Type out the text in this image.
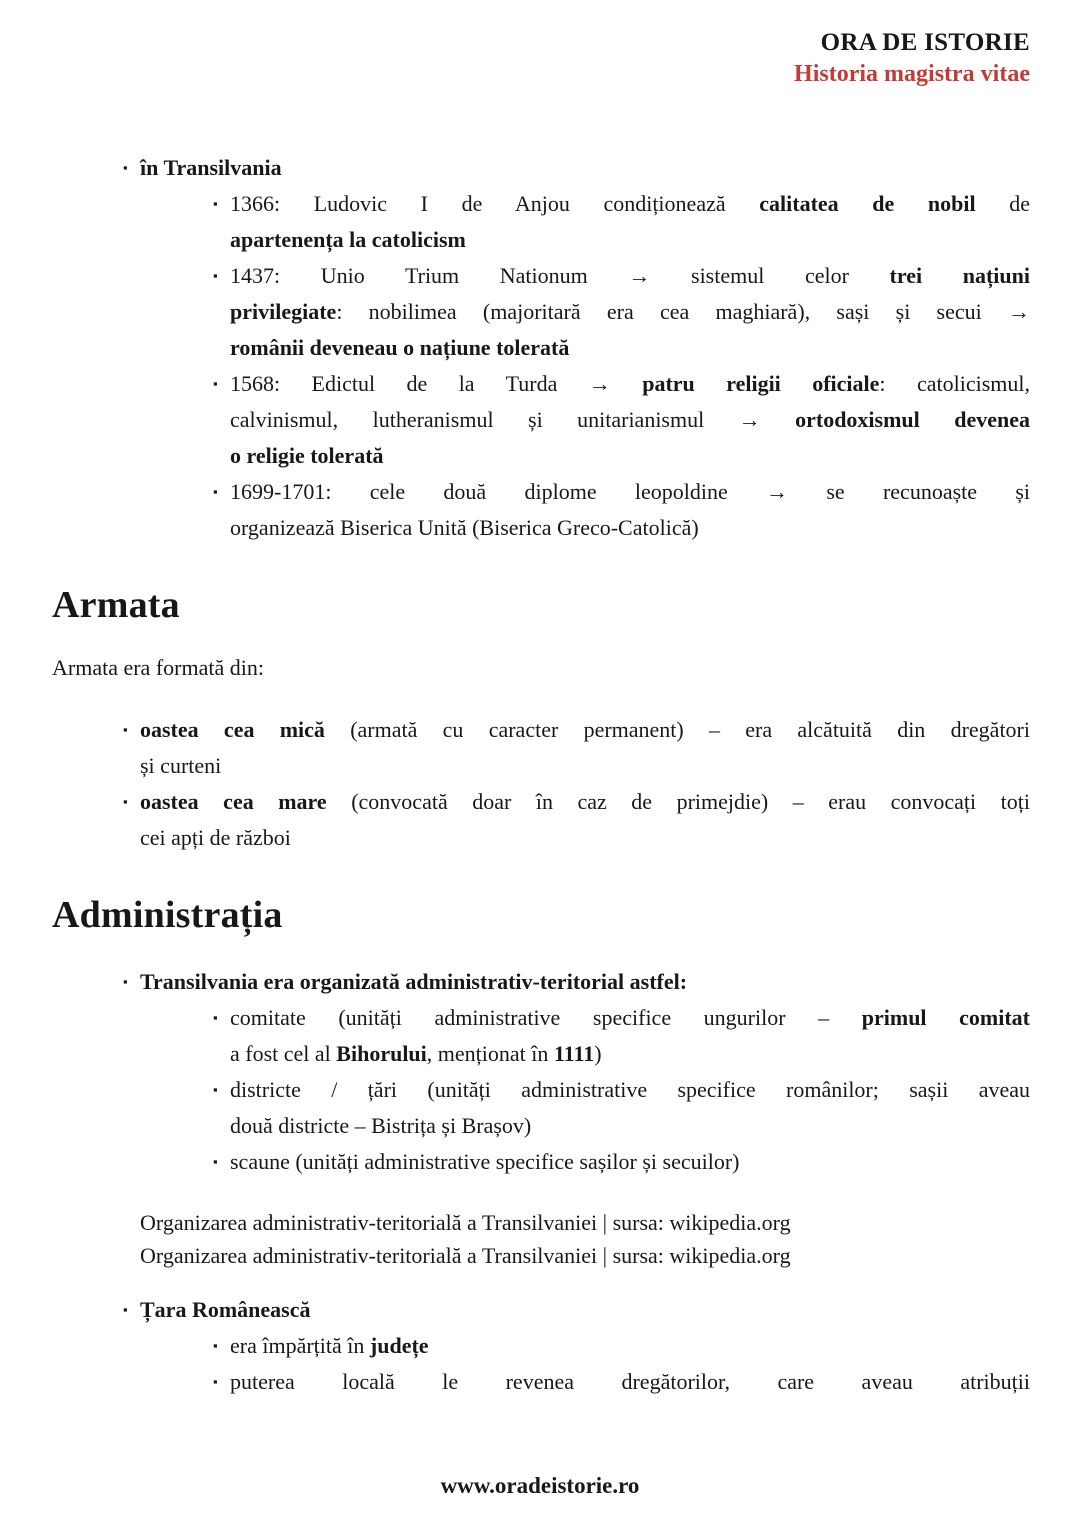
ORA DE ISTORIE
Historia magistra vitae
▪ în Transilvania
▪ 1366: Ludovic I de Anjou condiționează calitatea de nobil de
apartenența la catolicism
▪ 1437: Unio Trium Nationum → sistemul celor trei națiuni
privilegiate: nobilimea (majoritară era cea maghiară), sași și secui →
românii deveneau o națiune tolerată
▪ 1568: Edictul de la Turda → patru religii oficiale: catolicismul,
calvinismul, lutheranismul și unitarianismul → ortodoxismul devenea
o religie tolerată
▪ 1699-1701: cele două diplome leopoldine → se recunoaște și
organizează Biserica Unită (Biserica Greco-Catolică)
Armata

Armata era formată din:

▪ oastea cea mică (armată cu caracter permanent) – era alcătuită din dregători
și curteni
▪ oastea cea mare (convocată doar în caz de primejdie) – erau convocați toți
cei apți de război
Administrația
▪ Transilvania era organizată administrativ-teritorial astfel:
▪ comitate (unități administrative specifice ungurilor – primul comitat
a fost cel al Bihorului, menționat în 1111)
▪ districte / țări (unități administrative specifice românilor; sașii aveau
două districte – Bistrița și Brașov)
▪ scaune (unități administrative specifice sașilor și secuilor)
Organizarea administrativ-teritorială a Transilvaniei | sursa: wikipedia.org
Organizarea administrativ-teritorială a Transilvaniei | sursa: wikipedia.org
▪ Țara Românească
▪ era împărțită în județe
▪ puterea locală le revenea dregătorilor, care aveau atribuții
www.oradeistorie.ro
